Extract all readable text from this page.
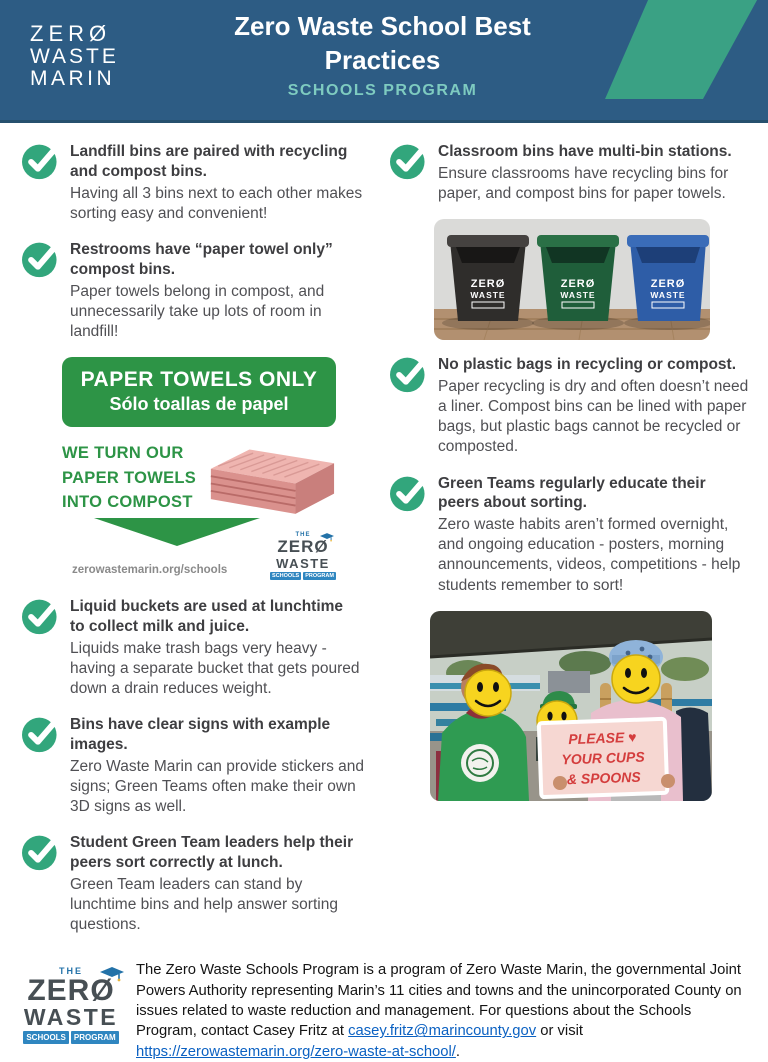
ZERØ
WASTE
MARIN
Zero Waste School Best Practices
SCHOOLS PROGRAM

Landfill bins are paired with recycling and compost bins.

Having all 3 bins next to each other makes sorting easy and convenient!

Restrooms have “paper towel only” compost bins.

Paper towels belong in compost, and unnecessarily take up lots of room in landfill!

PAPER TOWELS ONLY
Sólo toallas de papel
WE TURN OUR
PAPER TOWELS
INTO COMPOST
zerowastemarin.org/schools
THE
ZERØ
WASTE
SCHOOLS	PROGRAM

Liquid buckets are used at lunchtime to collect milk and juice.

Liquids make trash bags very heavy - having a separate bucket that gets poured down a drain reduces weight.

Bins have clear signs with example images.

Zero Waste Marin can provide stickers and signs; Green Teams often make their own 3D signs as well.

Student Green Team leaders help their peers sort correctly at lunch.

Green Team leaders can stand by lunchtime bins and help answer sorting questions.

Classroom bins have multi-bin stations.

Ensure classrooms have recycling bins for paper, and compost bins for paper towels.

ZERØ
WASTE
ZERØ
WASTE
ZERØ
WASTE

No plastic bags in recycling or compost.

Paper recycling is dry and often doesn’t need a liner. Compost bins can be lined with paper bags, but plastic bags cannot be recycled or composted.

Green Teams regularly educate their peers about sorting.

Zero waste habits aren’t formed overnight, and ongoing education - posters, morning announcements, videos, competitions - help students remember to sort!

PLEASE ♥
YOUR CUPS
& SPOONS
THE
ZERØ
WASTE
SCHOOLS	PROGRAM
The Zero Waste Schools Program is a program of Zero Waste Marin, the governmental Joint Powers Authority representing Marin’s 11 cities and towns and the unincorporated County on issues related to waste reduction and management. For questions about the Schools Program, contact Casey Fritz at casey.fritz@marincounty.gov or visit https://zerowastemarin.org/zero-waste-at-school/.
